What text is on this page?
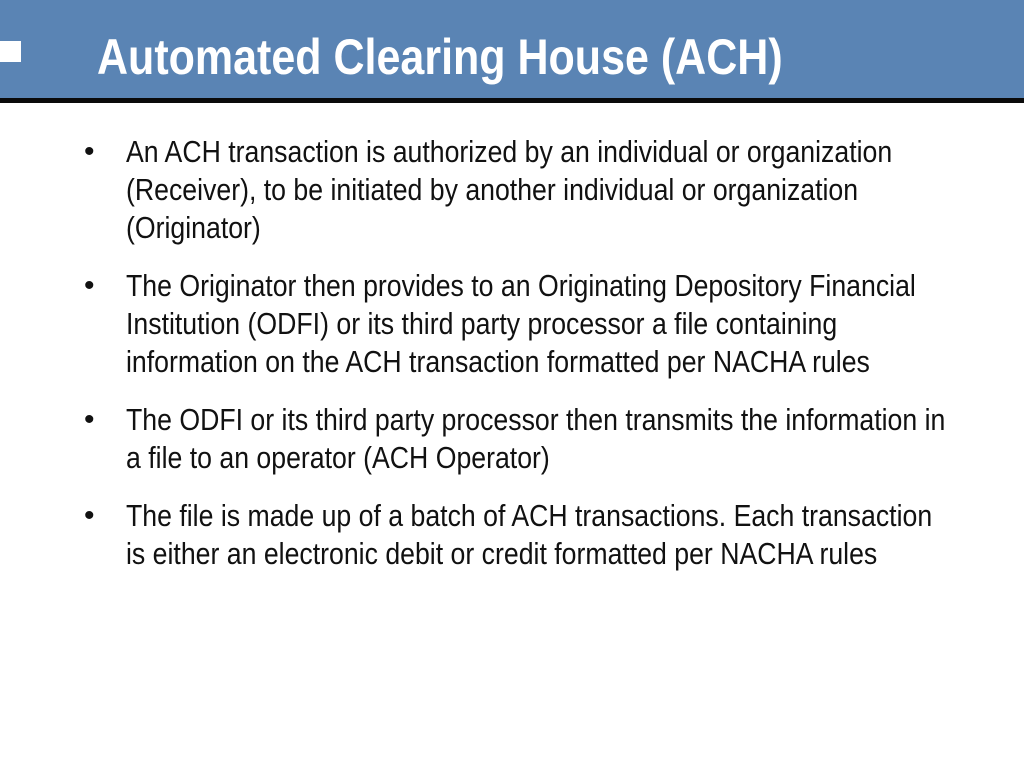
Automated Clearing House (ACH)
• An ACH transaction is authorized by an individual or organization (Receiver), to be initiated by another individual or organization (Originator)
• The Originator then provides to an Originating Depository Financial Institution (ODFI) or its third party processor a file containing information on the ACH transaction formatted per NACHA rules
• The ODFI or its third party processor then transmits the information in a file to an operator (ACH Operator)
• The file is made up of a batch of ACH transactions. Each transaction is either an electronic debit or credit formatted per NACHA rules
